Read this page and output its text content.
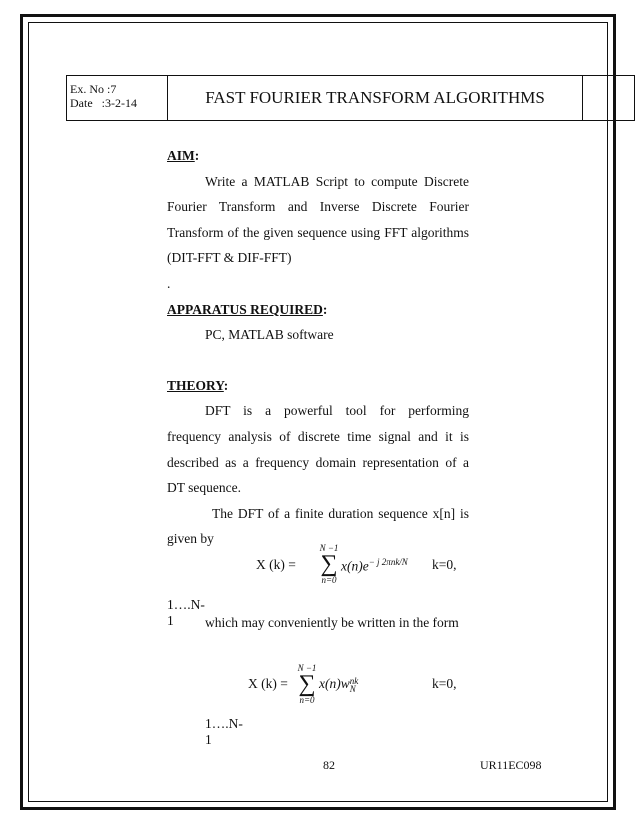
Ex. No :7
Date   :3-2-14	FAST FOURIER TRANSFORM ALGORITHMS
AIM:

Write a MATLAB Script to compute Discrete Fourier Transform and Inverse Discrete Fourier Transform of the given sequence using FFT algorithms (DIT-FFT & DIF-FFT)

.
APPARATUS REQUIRED:
PC, MATLAB software
THEORY:

DFT is a powerful tool for performing frequency analysis of discrete time signal and it is described as a frequency domain representation of a DT sequence.

The DFT of a finite duration sequence x[n] is given by

X (k) =
N −1
∑
n=0
$x(n)e^{- j 2\pi nk/N}$ k=0,
1….N-1	which may conveniently be written in the form

X (k) =
N −1
∑
n=0
x(n)w nk
N	k=0,
1….N-1
82	UR11EC098
